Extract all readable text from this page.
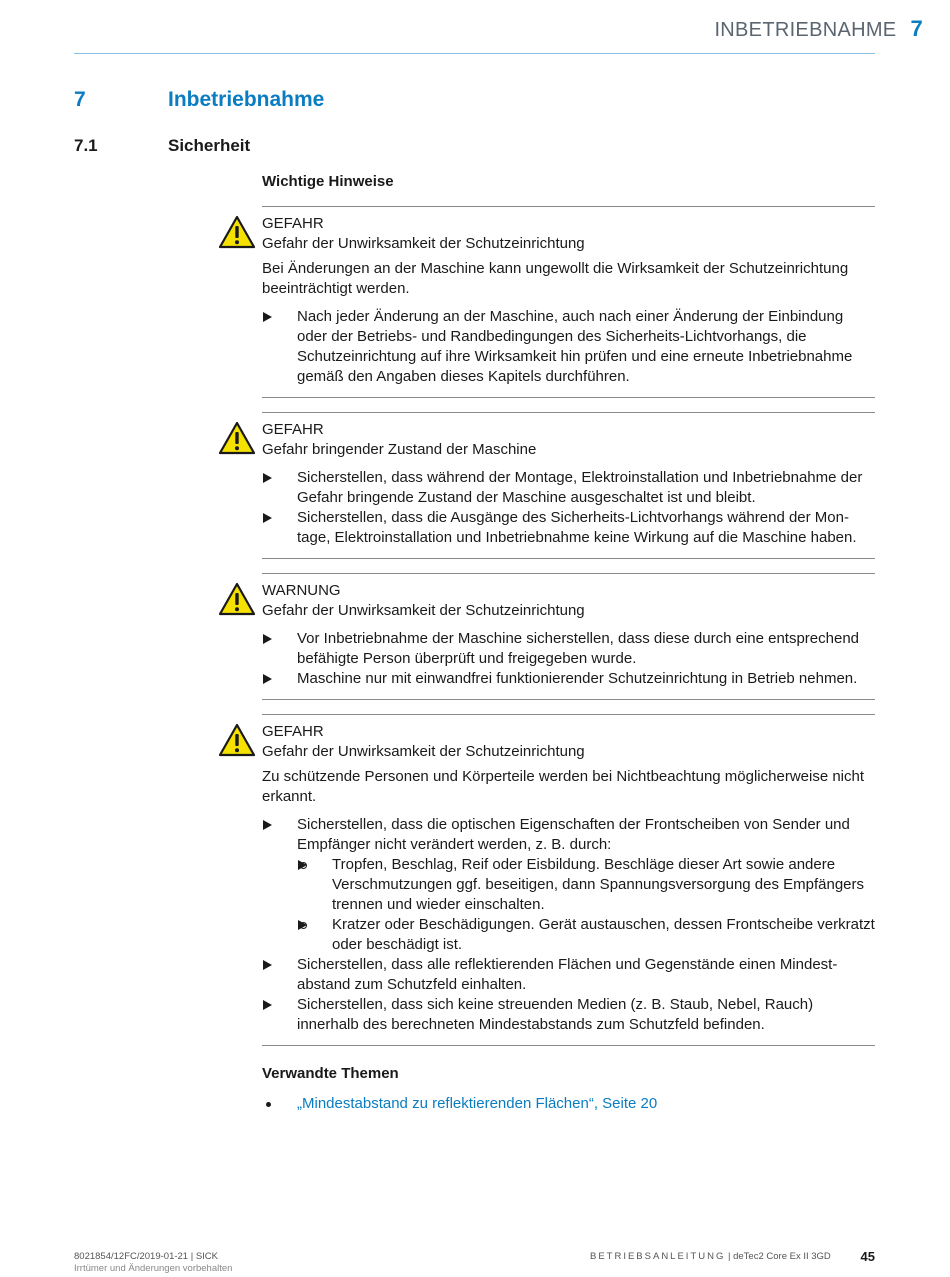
INBETRIEBNAHME 7
7	Inbetriebnahme
7.1	Sicherheit
Wichtige Hinweise
GEFAHR
Gefahr der Unwirksamkeit der Schutzeinrichtung
Bei Änderungen an der Maschine kann ungewollt die Wirksamkeit der Schutzeinrichtung beeinträchtigt werden.
Nach jeder Änderung an der Maschine, auch nach einer Änderung der Einbindung oder der Betriebs- und Randbedingungen des Sicherheits-Lichtvorhangs, die Schutzeinrichtung auf ihre Wirksamkeit hin prüfen und eine erneute Inbetriebnahme gemäß den Angaben dieses Kapitels durchführen.
GEFAHR
Gefahr bringender Zustand der Maschine
Sicherstellen, dass während der Montage, Elektroinstallation und Inbetriebnahme der Gefahr bringende Zustand der Maschine ausgeschaltet ist und bleibt.
Sicherstellen, dass die Ausgänge des Sicherheits-Lichtvorhangs während der Montage, Elektroinstallation und Inbetriebnahme keine Wirkung auf die Maschine haben.
WARNUNG
Gefahr der Unwirksamkeit der Schutzeinrichtung
Vor Inbetriebnahme der Maschine sicherstellen, dass diese durch eine entsprechend befähigte Person überprüft und freigegeben wurde.
Maschine nur mit einwandfrei funktionierender Schutzeinrichtung in Betrieb nehmen.
GEFAHR
Gefahr der Unwirksamkeit der Schutzeinrichtung
Zu schützende Personen und Körperteile werden bei Nichtbeachtung möglicherweise nicht erkannt.
Sicherstellen, dass die optischen Eigenschaften der Frontscheiben von Sender und Empfänger nicht verändert werden, z. B. durch:
Tropfen, Beschlag, Reif oder Eisbildung. Beschläge dieser Art sowie andere Verschmutzungen ggf. beseitigen, dann Spannungsversorgung des Empfängers trennen und wieder einschalten.
Kratzer oder Beschädigungen. Gerät austauschen, dessen Frontscheibe verkratzt oder beschädigt ist.
Sicherstellen, dass alle reflektierenden Flächen und Gegenstände einen Mindestabstand zum Schutzfeld einhalten.
Sicherstellen, dass sich keine streuenden Medien (z. B. Staub, Nebel, Rauch) innerhalb des berechneten Mindestabstands zum Schutzfeld befinden.
Verwandte Themen
„Mindestabstand zu reflektierenden Flächen“, Seite 20
8021854/12FC/2019-01-21 | SICK
Irrtümer und Änderungen vorbehalten
BETRIEBSANLEITUNG | deTec2 Core Ex II 3GD 45
